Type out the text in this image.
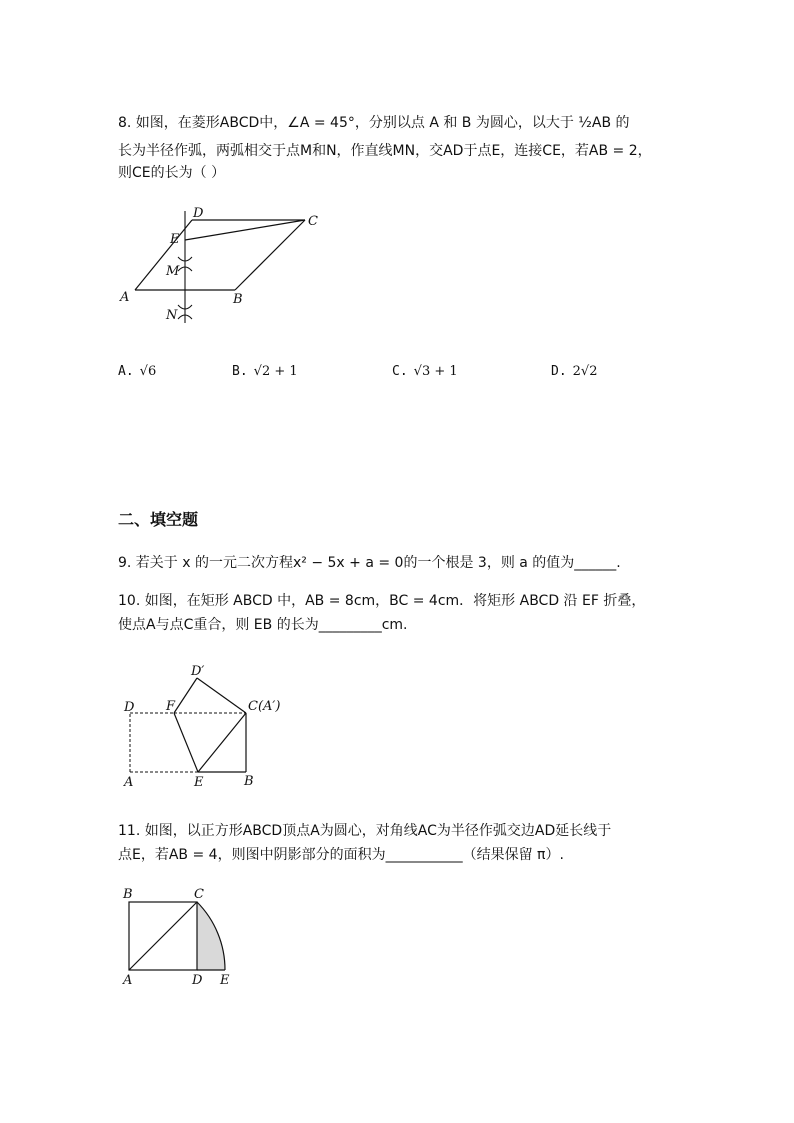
8. 如图，在菱形ABCD中，∠A = 45°，分别以点 A 和 B 为圆心，以大于 ½AB 的
长为半径作弧，两弧相交于点M和N，作直线MN，交AD于点E，连接CE，若AB = 2，
则CE的长为（ ）
A	B
C
D
E
M
N
A. √6	B. √2 + 1	C. √3 + 1	D. 2√2
二、填空题
9. 若关于 x 的一元二次方程x² − 5x + a = 0的一个根是 3，则 a 的值为______.
10. 如图，在矩形 ABCD 中，AB = 8cm，BC = 4cm．将矩形 ABCD 沿 EF 折叠，
使点A与点C重合，则 EB 的长为_________cm.
A	B
C(A′)
D
E
F
D′
11. 如图，以正方形ABCD顶点A为圆心，对角线AC为半径作弧交边AD延长线于
点E，若AB = 4，则图中阴影部分的面积为___________（结果保留 π）.
A
B	C
D E
